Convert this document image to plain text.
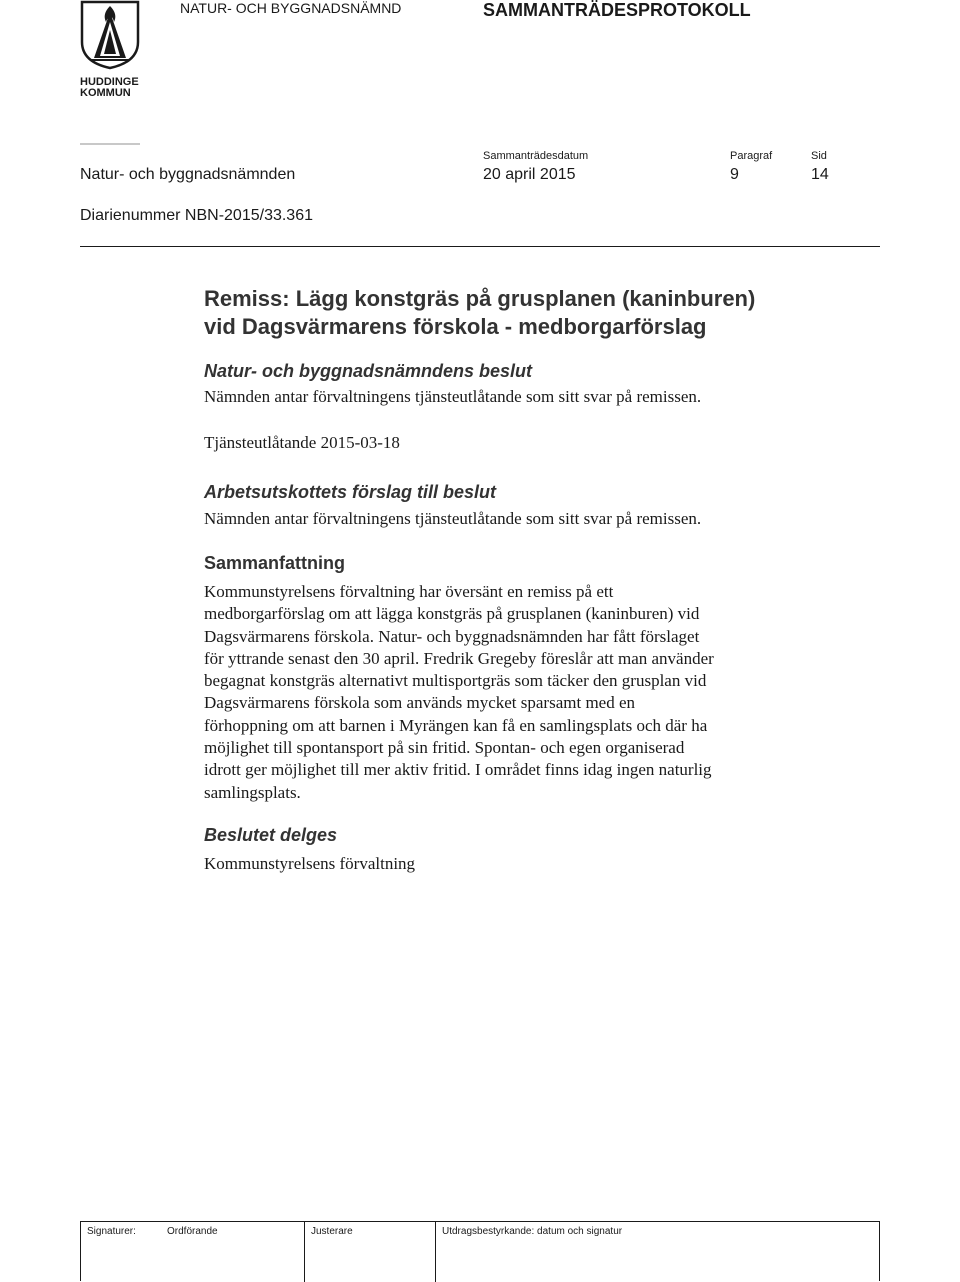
HUDDINGE
KOMMUN
NATUR- OCH BYGGNADSNÄMND	SAMMANTRÄDESPROTOKOLL
Sammanträdesdatum	Paragraf	Sid
Natur- och byggnadsnämnden	20 april 2015	9	14
Diarienummer NBN-2015/33.361
Remiss: Lägg konstgräs på grusplanen (kaninburen)
vid Dagsvärmarens förskola - medborgarförslag
Natur- och byggnadsnämndens beslut
Nämnden antar förvaltningens tjänsteutlåtande som sitt svar på remissen.
Tjänsteutlåtande 2015-03-18
Arbetsutskottets förslag till beslut
Nämnden antar förvaltningens tjänsteutlåtande som sitt svar på remissen.
Sammanfattning
Kommunstyrelsens förvaltning har översänt en remiss på ett
medborgarförslag om att lägga konstgräs på grusplanen (kaninburen) vid
Dagsvärmarens förskola. Natur- och byggnadsnämnden har fått förslaget
för yttrande senast den 30 april. Fredrik Gregeby föreslår att man använder
begagnat konstgräs alternativt multisportgräs som täcker den grusplan vid
Dagsvärmarens förskola som används mycket sparsamt med en
förhoppning om att barnen i Myrängen kan få en samlingsplats och där ha
möjlighet till spontansport på sin fritid. Spontan- och egen organiserad
idrott ger möjlighet till mer aktiv fritid. I området finns idag ingen naturlig
samlingsplats.
Beslutet delges
Kommunstyrelsens förvaltning
Signaturer:	Ordförande	Justerare	Utdragsbestyrkande: datum och signatur
